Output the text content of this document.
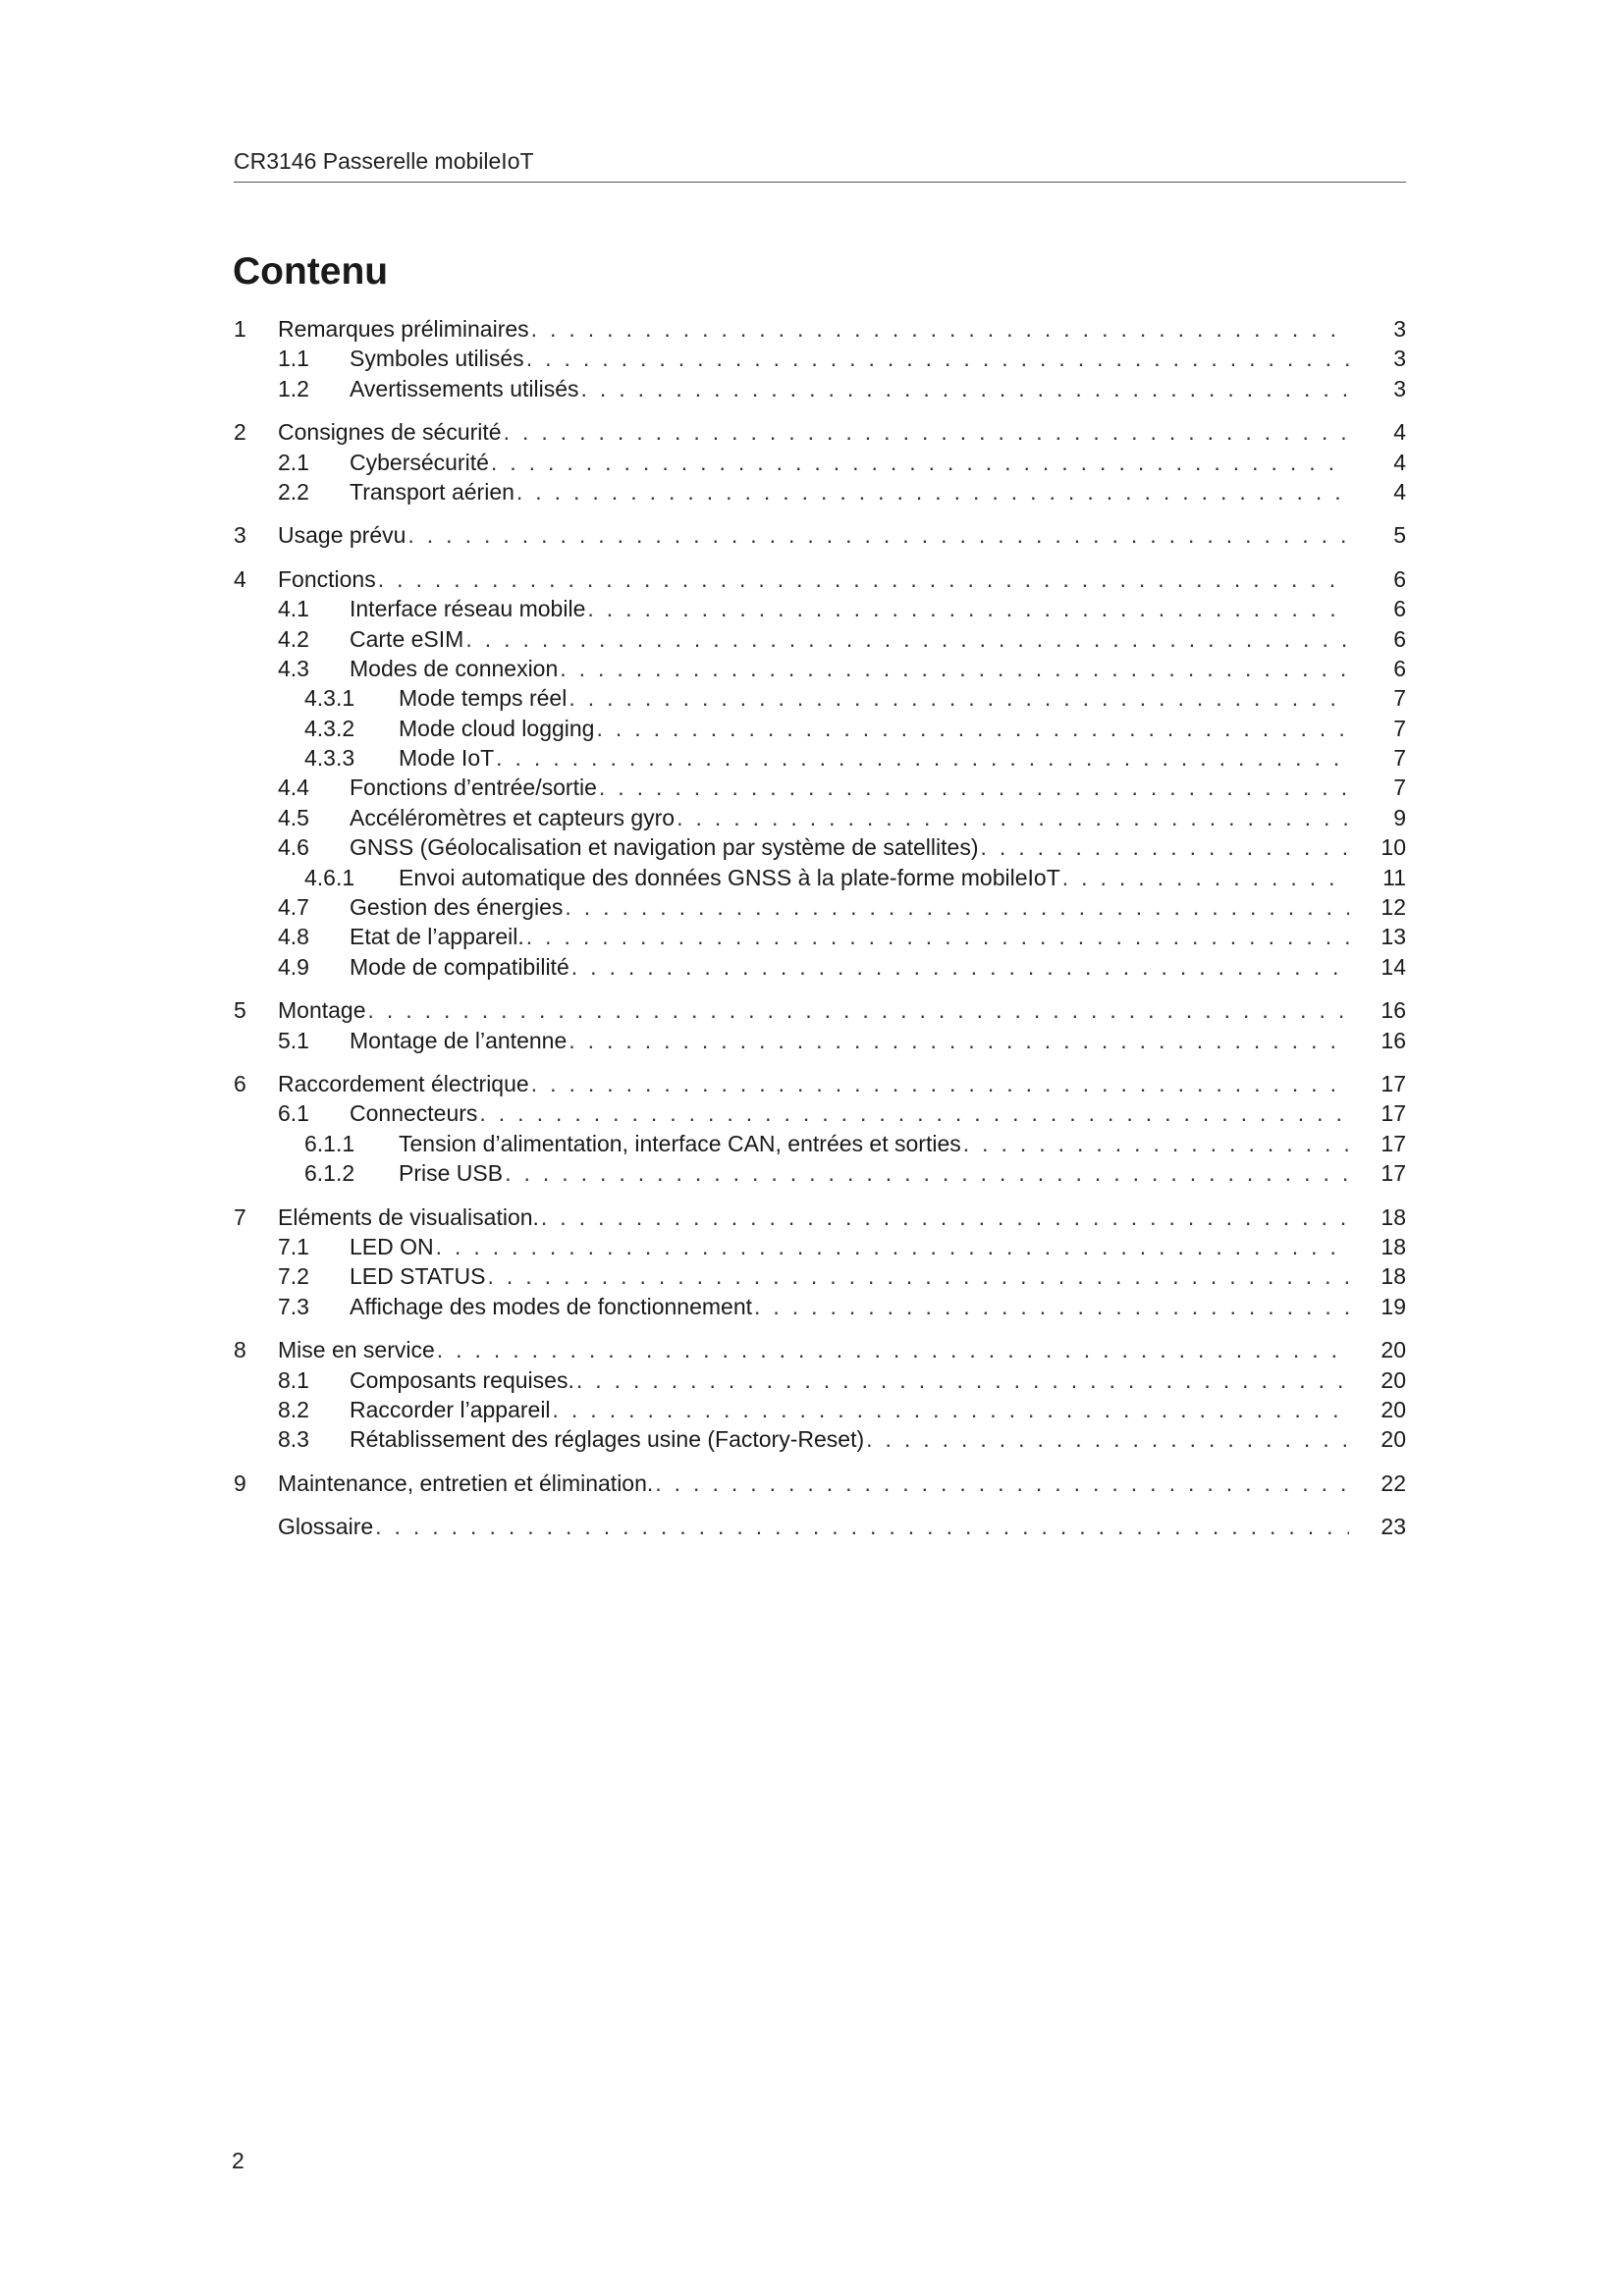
CR3146 Passerelle mobileIoT
Contenu
1 Remarques préliminaires . . .	3
1.1 Symboles utilisés . . .	3
1.2 Avertissements utilisés . . .	3
2 Consignes de sécurité . . .	4
2.1 Cybersécurité . . .	4
2.2 Transport aérien . . .	4
3 Usage prévu . . .	5
4 Fonctions . . .	6
4.1 Interface réseau mobile . . .	6
4.2 Carte eSIM . . .	6
4.3 Modes de connexion . . .	6
4.3.1 Mode temps réel . . .	7
4.3.2 Mode cloud logging . . .	7
4.3.3 Mode IoT . . .	7
4.4 Fonctions d’entrée/sortie . . .	7
4.5 Accéléromètres et capteurs gyro . . .	9
4.6 GNSS (Géolocalisation et navigation par système de satellites) . . .	10
4.6.1 Envoi automatique des données GNSS à la plate-forme mobileIoT . . .	11
4.7 Gestion des énergies . . .	12
4.8 Etat de l’appareil. . . .	13
4.9 Mode de compatibilité . . .	14
5 Montage . . .	16
5.1 Montage de l’antenne . . .	16
6 Raccordement électrique . . .	17
6.1 Connecteurs . . .	17
6.1.1 Tension d’alimentation, interface CAN, entrées et sorties . . .	17
6.1.2 Prise USB . . .	17
7 Eléments de visualisation. . . .	18
7.1 LED ON . . .	18
7.2 LED STATUS . . .	18
7.3 Affichage des modes de fonctionnement . . .	19
8 Mise en service . . .	20
8.1 Composants requises. . . .	20
8.2 Raccorder l’appareil . . .	20
8.3 Rétablissement des réglages usine (Factory-Reset) . . .	20
9 Maintenance, entretien et élimination. . . .	22
Glossaire . . .	23
2
